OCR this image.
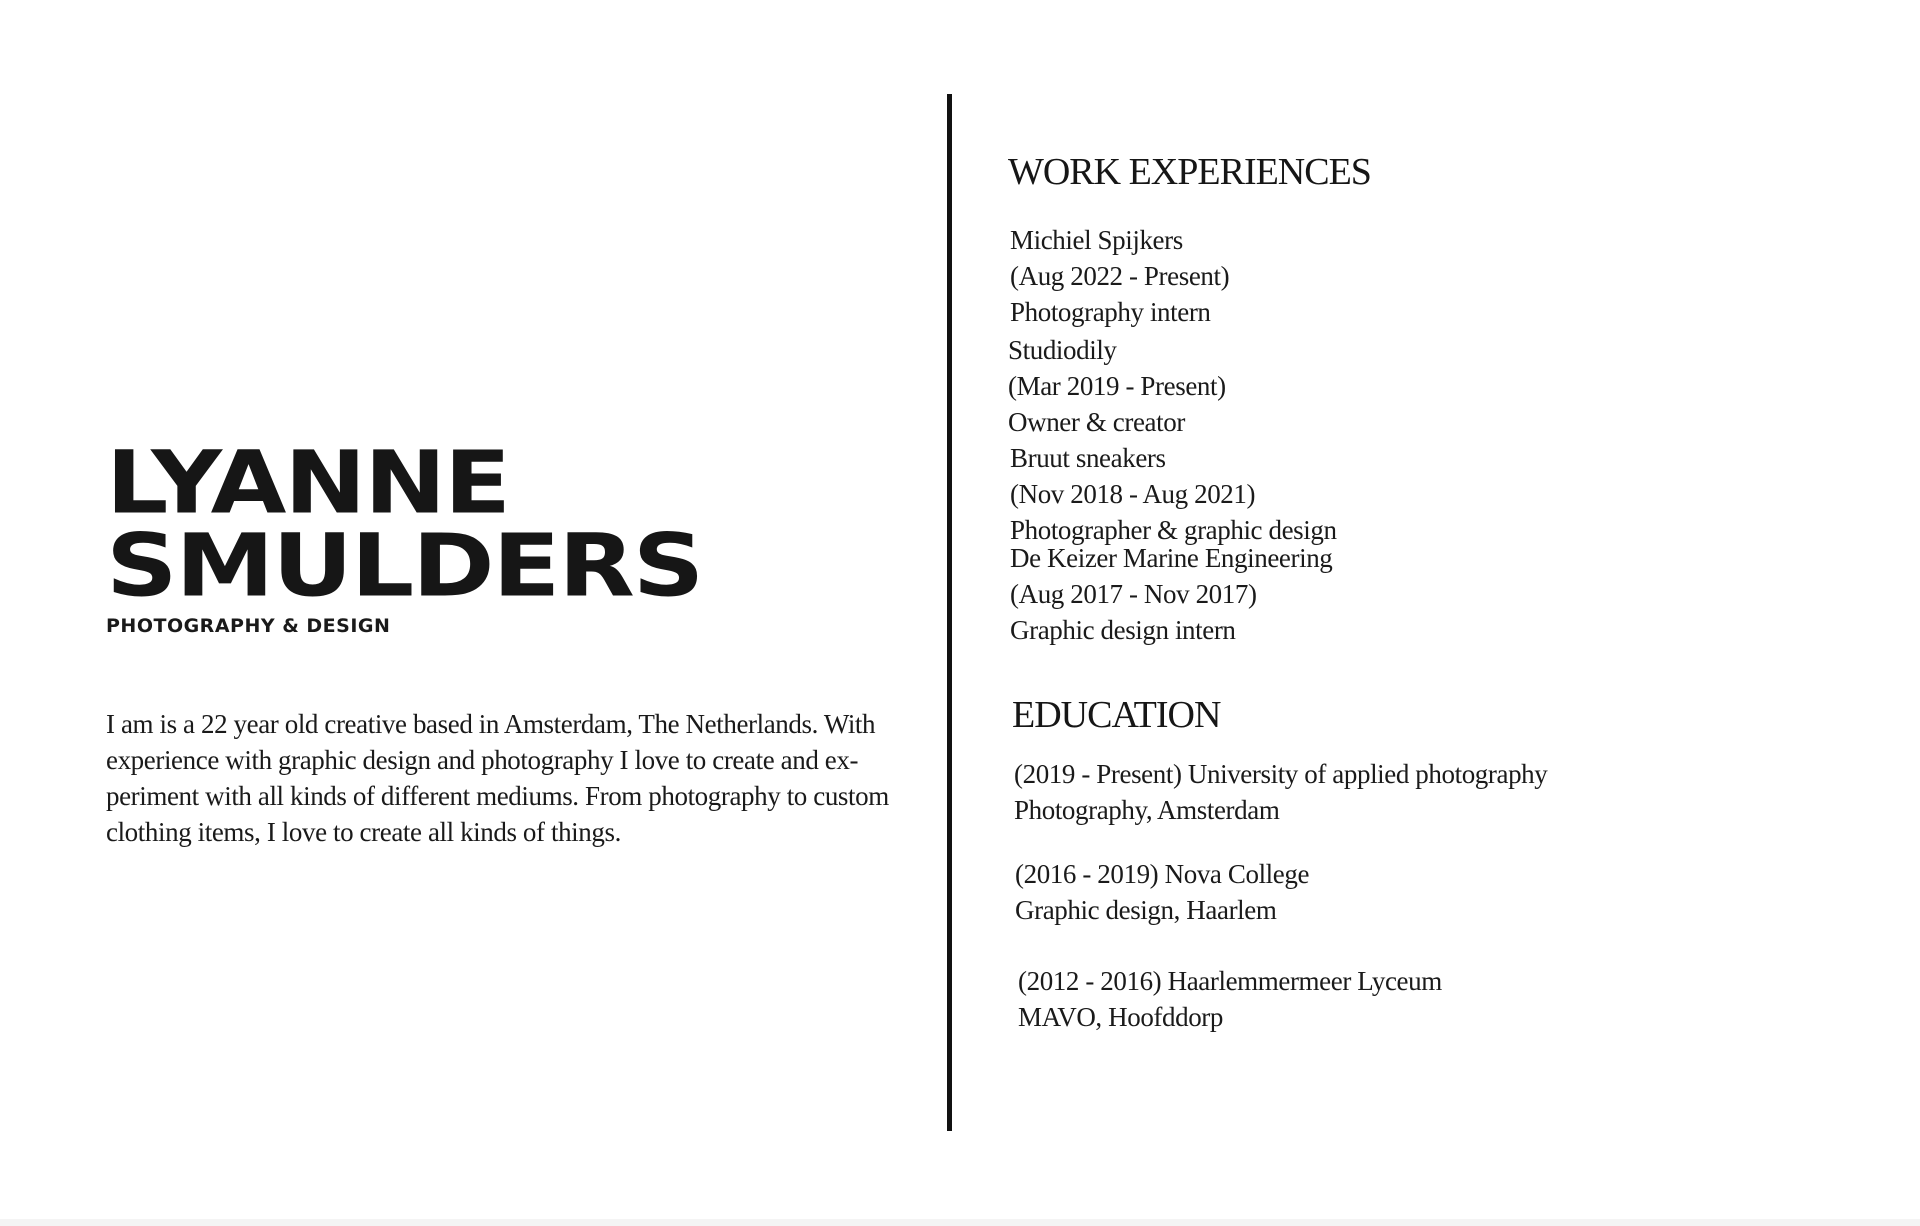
LYANNE
SMULDERS
PHOTOGRAPHY & DESIGN
I am is a 22 year old creative based in Amsterdam, The Netherlands. With
experience with graphic design and photography I love to create and ex-
periment with all kinds of different mediums. From photography to custom
clothing items, I love to create all kinds of things.
WORK EXPERIENCES
Michiel Spijkers
(Aug 2022 - Present)
Photography intern
Studiodily
(Mar 2019 - Present)
Owner & creator
Bruut sneakers
(Nov 2018 - Aug 2021)
Photographer & graphic design
De Keizer Marine Engineering
(Aug 2017 - Nov 2017)
Graphic design intern
EDUCATION
(2019 - Present) University of applied photography
Photography, Amsterdam
(2016 - 2019) Nova College
Graphic design, Haarlem
(2012 - 2016) Haarlemmermeer Lyceum
MAVO, Hoofddorp
